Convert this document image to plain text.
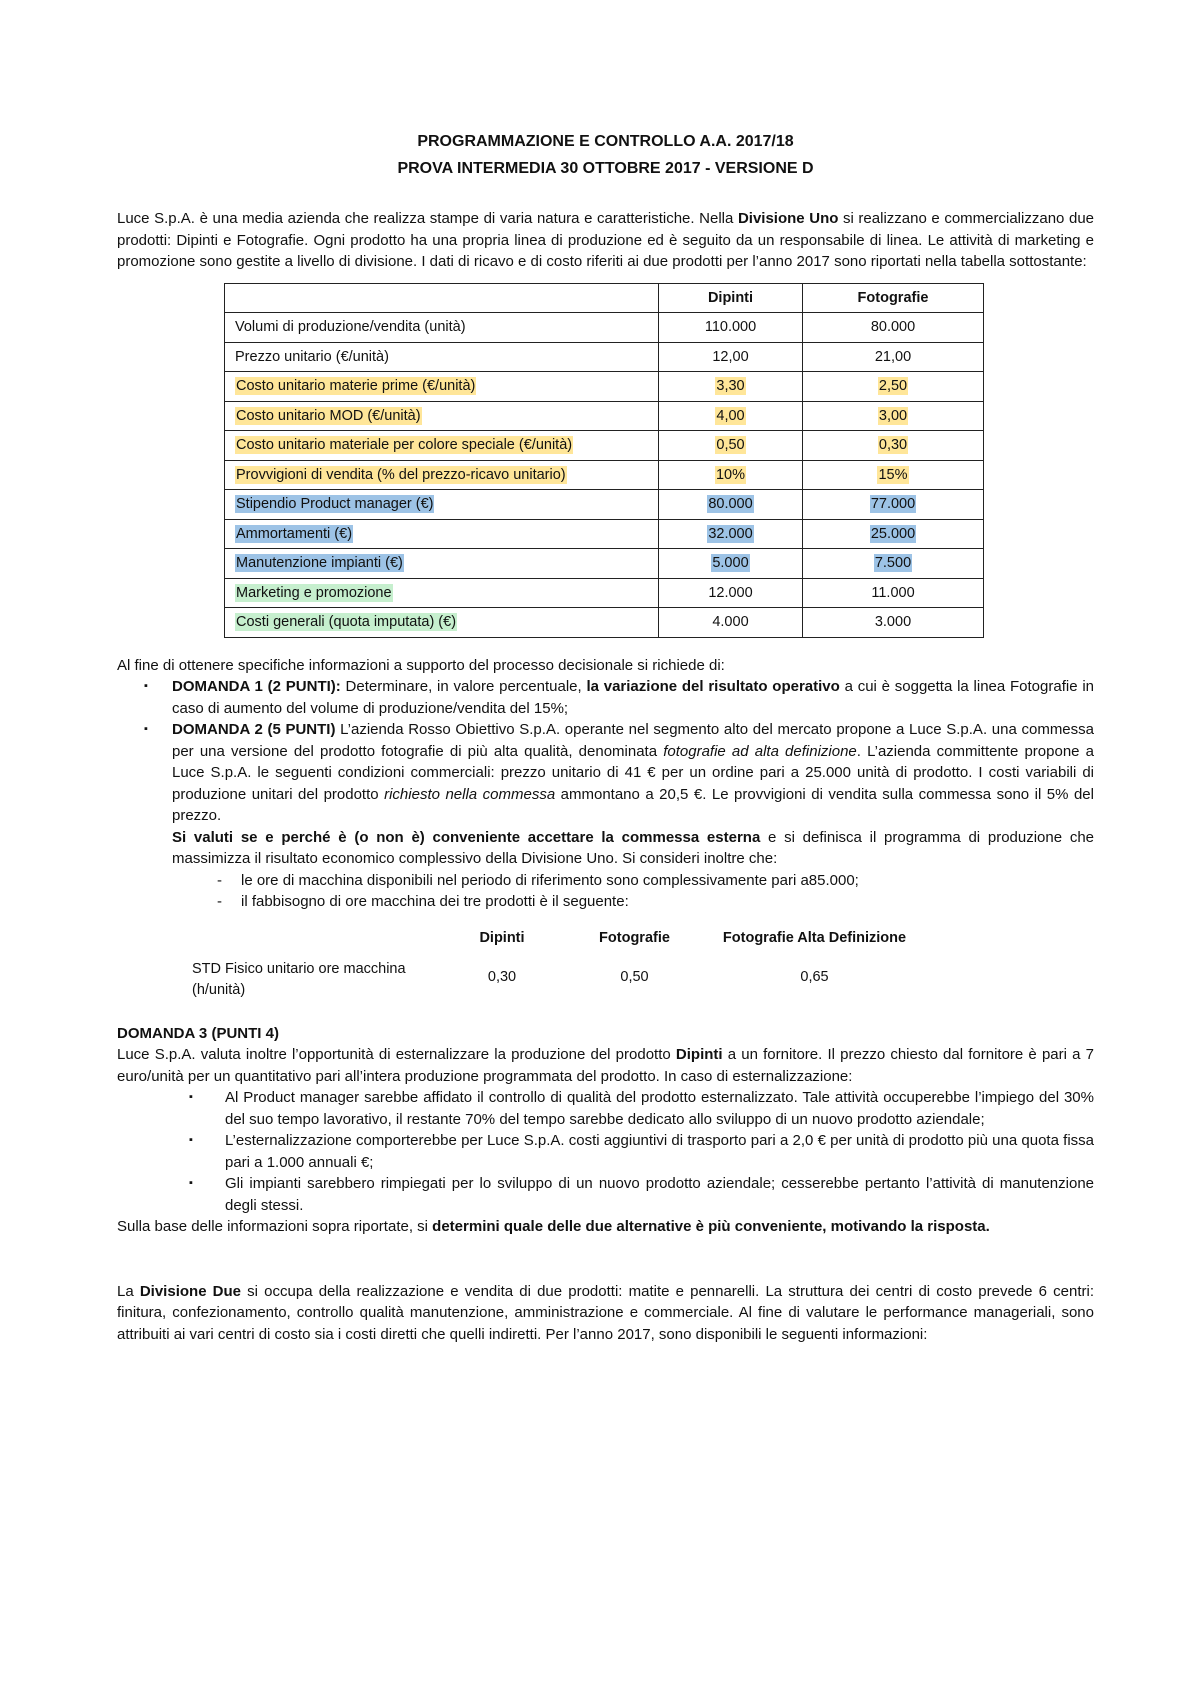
PROGRAMMAZIONE E CONTROLLO A.A. 2017/18
PROVA INTERMEDIA 30 OTTOBRE 2017 - VERSIONE D

Luce S.p.A. è una media azienda che realizza stampe di varia natura e caratteristiche. Nella Divisione Uno si realizzano e commercializzano due prodotti: Dipinti e Fotografie. Ogni prodotto ha una propria linea di produzione ed è seguito da un responsabile di linea. Le attività di marketing e promozione sono gestite a livello di divisione. I dati di ricavo e di costo riferiti ai due prodotti per l’anno 2017 sono riportati nella tabella sottostante:

	Dipinti	Fotografie
Volumi di produzione/vendita (unità)	110.000	80.000
Prezzo unitario (€/unità)	12,00	21,00
Costo unitario materie prime (€/unità)	3,30	2,50
Costo unitario MOD (€/unità)	4,00	3,00
Costo unitario materiale per colore speciale (€/unità)	0,50	0,30
Provvigioni di vendita (% del prezzo-ricavo unitario)	10%	15%
Stipendio Product manager (€)	80.000	77.000
Ammortamenti (€)	32.000	25.000
Manutenzione impianti (€)	5.000	7.500
Marketing e promozione	12.000	11.000
Costi generali (quota imputata) (€)	4.000	3.000

Al fine di ottenere specifiche informazioni a supporto del processo decisionale si richiede di:

▪ DOMANDA 1 (2 PUNTI): Determinare, in valore percentuale, la variazione del risultato operativo a cui è soggetta la linea Fotografie in caso di aumento del volume di produzione/vendita del 15%;
▪ DOMANDA 2 (5 PUNTI) L’azienda Rosso Obiettivo S.p.A. operante nel segmento alto del mercato propone a Luce S.p.A. una commessa per una versione del prodotto fotografie di più alta qualità, denominata fotografie ad alta definizione. L’azienda committente propone a Luce S.p.A. le seguenti condizioni commerciali: prezzo unitario di 41 € per un ordine pari a 25.000 unità di prodotto. I costi variabili di produzione unitari del prodotto richiesto nella commessa ammontano a 20,5 €. Le provvigioni di vendita sulla commessa sono il 5% del prezzo.
Si valuti se e perché è (o non è) conveniente accettare la commessa esterna e si definisca il programma di produzione che massimizza il risultato economico complessivo della Divisione Uno. Si consideri inoltre che:
- le ore di macchina disponibili nel periodo di riferimento sono complessivamente pari a85.000;
- il fabbisogno di ore macchina dei tre prodotti è il seguente:
	Dipinti	Fotografie	Fotografie Alta Definizione
STD Fisico unitario ore macchina (h/unità)	0,30	0,50	0,65

DOMANDA 3 (PUNTI 4)

Luce S.p.A. valuta inoltre l’opportunità di esternalizzare la produzione del prodotto Dipinti a un fornitore. Il prezzo chiesto dal fornitore è pari a 7 euro/unità per un quantitativo pari all’intera produzione programmata del prodotto. In caso di esternalizzazione:

▪ Al Product manager sarebbe affidato il controllo di qualità del prodotto esternalizzato. Tale attività occuperebbe l’impiego del 30% del suo tempo lavorativo, il restante 70% del tempo sarebbe dedicato allo sviluppo di un nuovo prodotto aziendale;
▪ L’esternalizzazione comporterebbe per Luce S.p.A. costi aggiuntivi di trasporto pari a 2,0 € per unità di prodotto più una quota fissa pari a 1.000 annuali €;
▪ Gli impianti sarebbero rimpiegati per lo sviluppo di un nuovo prodotto aziendale; cesserebbe pertanto l’attività di manutenzione degli stessi.

Sulla base delle informazioni sopra riportate, si determini quale delle due alternative è più conveniente, motivando la risposta.

La Divisione Due si occupa della realizzazione e vendita di due prodotti: matite e pennarelli. La struttura dei centri di costo prevede 6 centri: finitura, confezionamento, controllo qualità manutenzione, amministrazione e commerciale. Al fine di valutare le performance manageriali, sono attribuiti ai vari centri di costo sia i costi diretti che quelli indiretti. Per l’anno 2017, sono disponibili le seguenti informazioni:
